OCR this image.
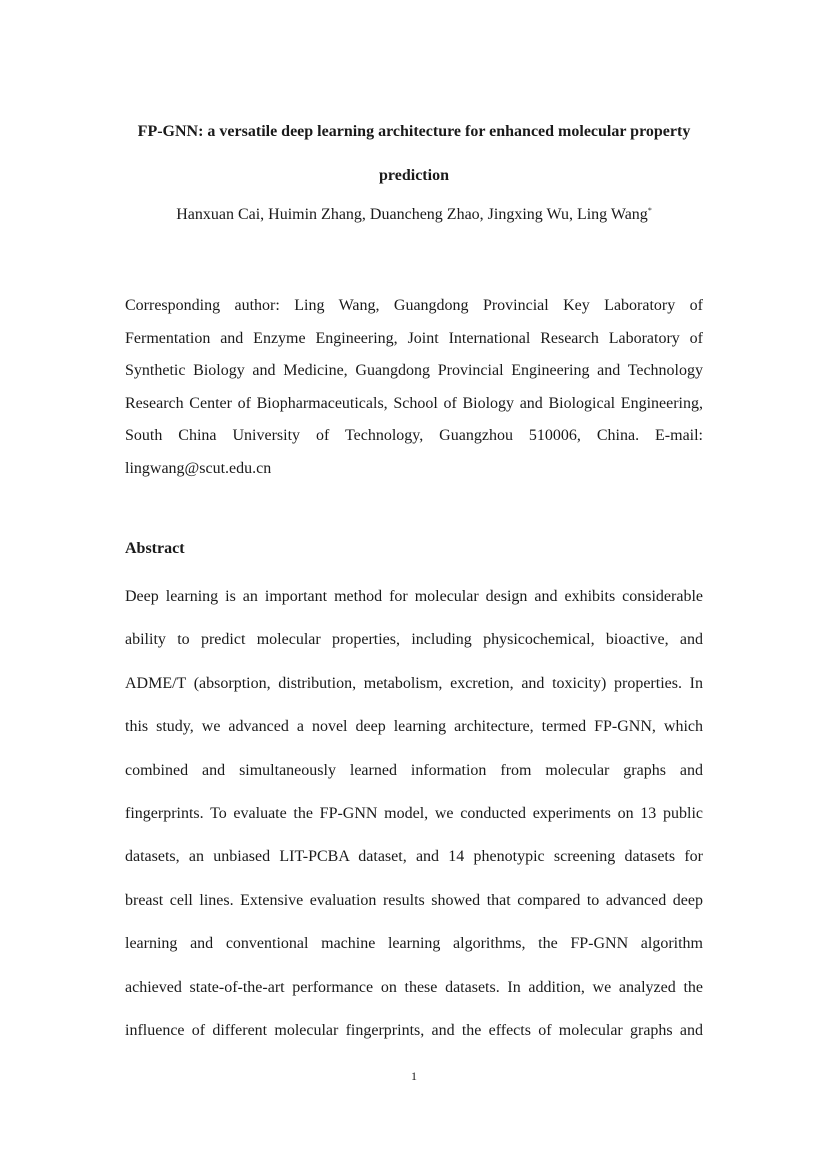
FP-GNN: a versatile deep learning architecture for enhanced molecular property
prediction
Hanxuan Cai, Huimin Zhang, Duancheng Zhao, Jingxing Wu, Ling Wang*
Corresponding author: Ling Wang, Guangdong Provincial Key Laboratory of
Fermentation and Enzyme Engineering, Joint International Research Laboratory of
Synthetic Biology and Medicine, Guangdong Provincial Engineering and Technology
Research Center of Biopharmaceuticals, School of Biology and Biological Engineering,
South China University of Technology, Guangzhou 510006, China. E-mail:
lingwang@scut.edu.cn
Abstract
Deep learning is an important method for molecular design and exhibits considerable
ability to predict molecular properties, including physicochemical, bioactive, and
ADME/T (absorption, distribution, metabolism, excretion, and toxicity) properties. In
this study, we advanced a novel deep learning architecture, termed FP-GNN, which
combined and simultaneously learned information from molecular graphs and
fingerprints. To evaluate the FP-GNN model, we conducted experiments on 13 public
datasets, an unbiased LIT-PCBA dataset, and 14 phenotypic screening datasets for
breast cell lines. Extensive evaluation results showed that compared to advanced deep
learning and conventional machine learning algorithms, the FP-GNN algorithm
achieved state-of-the-art performance on these datasets. In addition, we analyzed the
influence of different molecular fingerprints, and the effects of molecular graphs and
1
